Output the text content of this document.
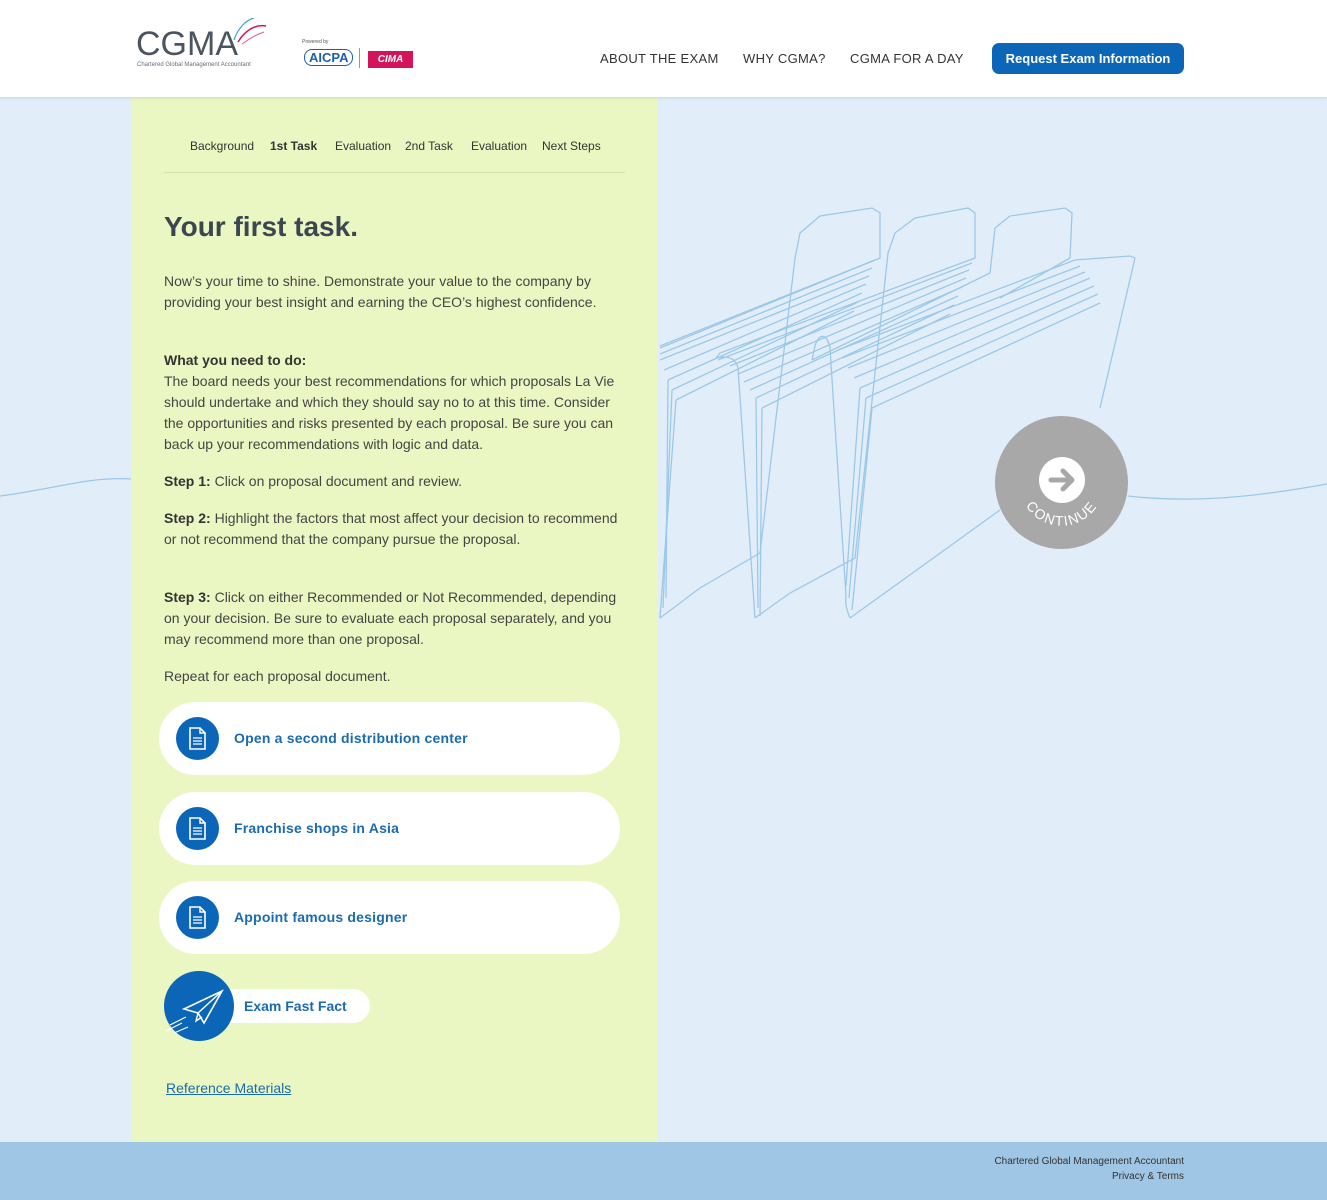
CGMA
Chartered Global Management Accountant
Powered by
AICPA	CIMA	ABOUT THE EXAM WHY CGMA? CGMA FOR A DAY	Request Exam Information
Background 1st Task Evaluation 2nd Task Evaluation Next Steps
Your first task.

Now’s your time to shine. Demonstrate your value to the company by providing your best insight and earning the CEO’s highest confidence.

What you need to do:
The board needs your best recommendations for which proposals La Vie should undertake and which they should say no to at this time. Consider the opportunities and risks presented by each proposal. Be sure you can back up your recommendations with logic and data.

Step 1: Click on proposal document and review.

Step 2: Highlight the factors that most affect your decision to recommend or not recommend that the company pursue the proposal.

Step 3: Click on either Recommended or Not Recommended, depending on your decision. Be sure to evaluate each proposal separately, and you may recommend more than one proposal.

Repeat for each proposal document.

Open a second distribution center
Franchise shops in Asia
Appoint famous designer
Exam Fast Fact
Reference Materials
CONTINUE
Chartered Global Management Accountant
Privacy & Terms
